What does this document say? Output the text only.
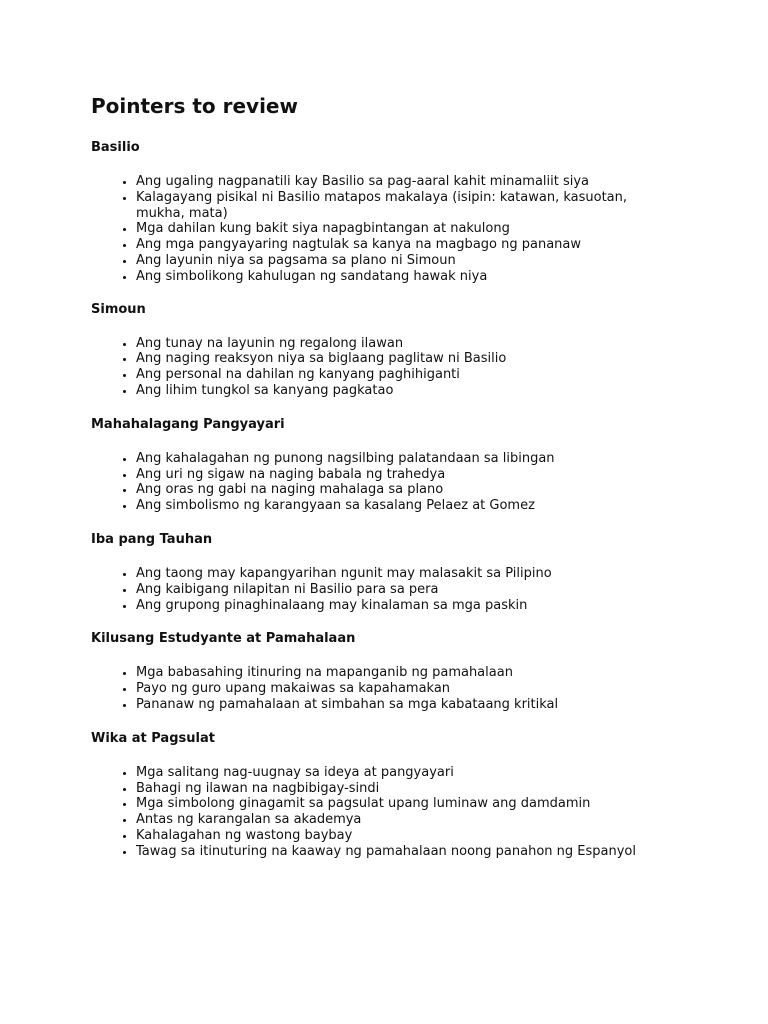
Pointers to review
Basilio
• Ang ugaling nagpanatili kay Basilio sa pag-aaral kahit minamaliit siya
• Kalagayang pisikal ni Basilio matapos makalaya (isipin: katawan, kasuotan, mukha, mata)
• Mga dahilan kung bakit siya napagbintangan at nakulong
• Ang mga pangyayaring nagtulak sa kanya na magbago ng pananaw
• Ang layunin niya sa pagsama sa plano ni Simoun
• Ang simbolikong kahulugan ng sandatang hawak niya
Simoun
• Ang tunay na layunin ng regalong ilawan
• Ang naging reaksyon niya sa biglaang paglitaw ni Basilio
• Ang personal na dahilan ng kanyang paghihiganti
• Ang lihim tungkol sa kanyang pagkatao
Mahahalagang Pangyayari
• Ang kahalagahan ng punong nagsilbing palatandaan sa libingan
• Ang uri ng sigaw na naging babala ng trahedya
• Ang oras ng gabi na naging mahalaga sa plano
• Ang simbolismo ng karangyaan sa kasalang Pelaez at Gomez
Iba pang Tauhan
• Ang taong may kapangyarihan ngunit may malasakit sa Pilipino
• Ang kaibigang nilapitan ni Basilio para sa pera
• Ang grupong pinaghinalaang may kinalaman sa mga paskin
Kilusang Estudyante at Pamahalaan
• Mga babasahing itinuring na mapanganib ng pamahalaan
• Payo ng guro upang makaiwas sa kapahamakan
• Pananaw ng pamahalaan at simbahan sa mga kabataang kritikal
Wika at Pagsulat
• Mga salitang nag-uugnay sa ideya at pangyayari
• Bahagi ng ilawan na nagbibigay-sindi
• Mga simbolong ginagamit sa pagsulat upang luminaw ang damdamin
• Antas ng karangalan sa akademya
• Kahalagahan ng wastong baybay
• Tawag sa itinuturing na kaaway ng pamahalaan noong panahon ng Espanyol
